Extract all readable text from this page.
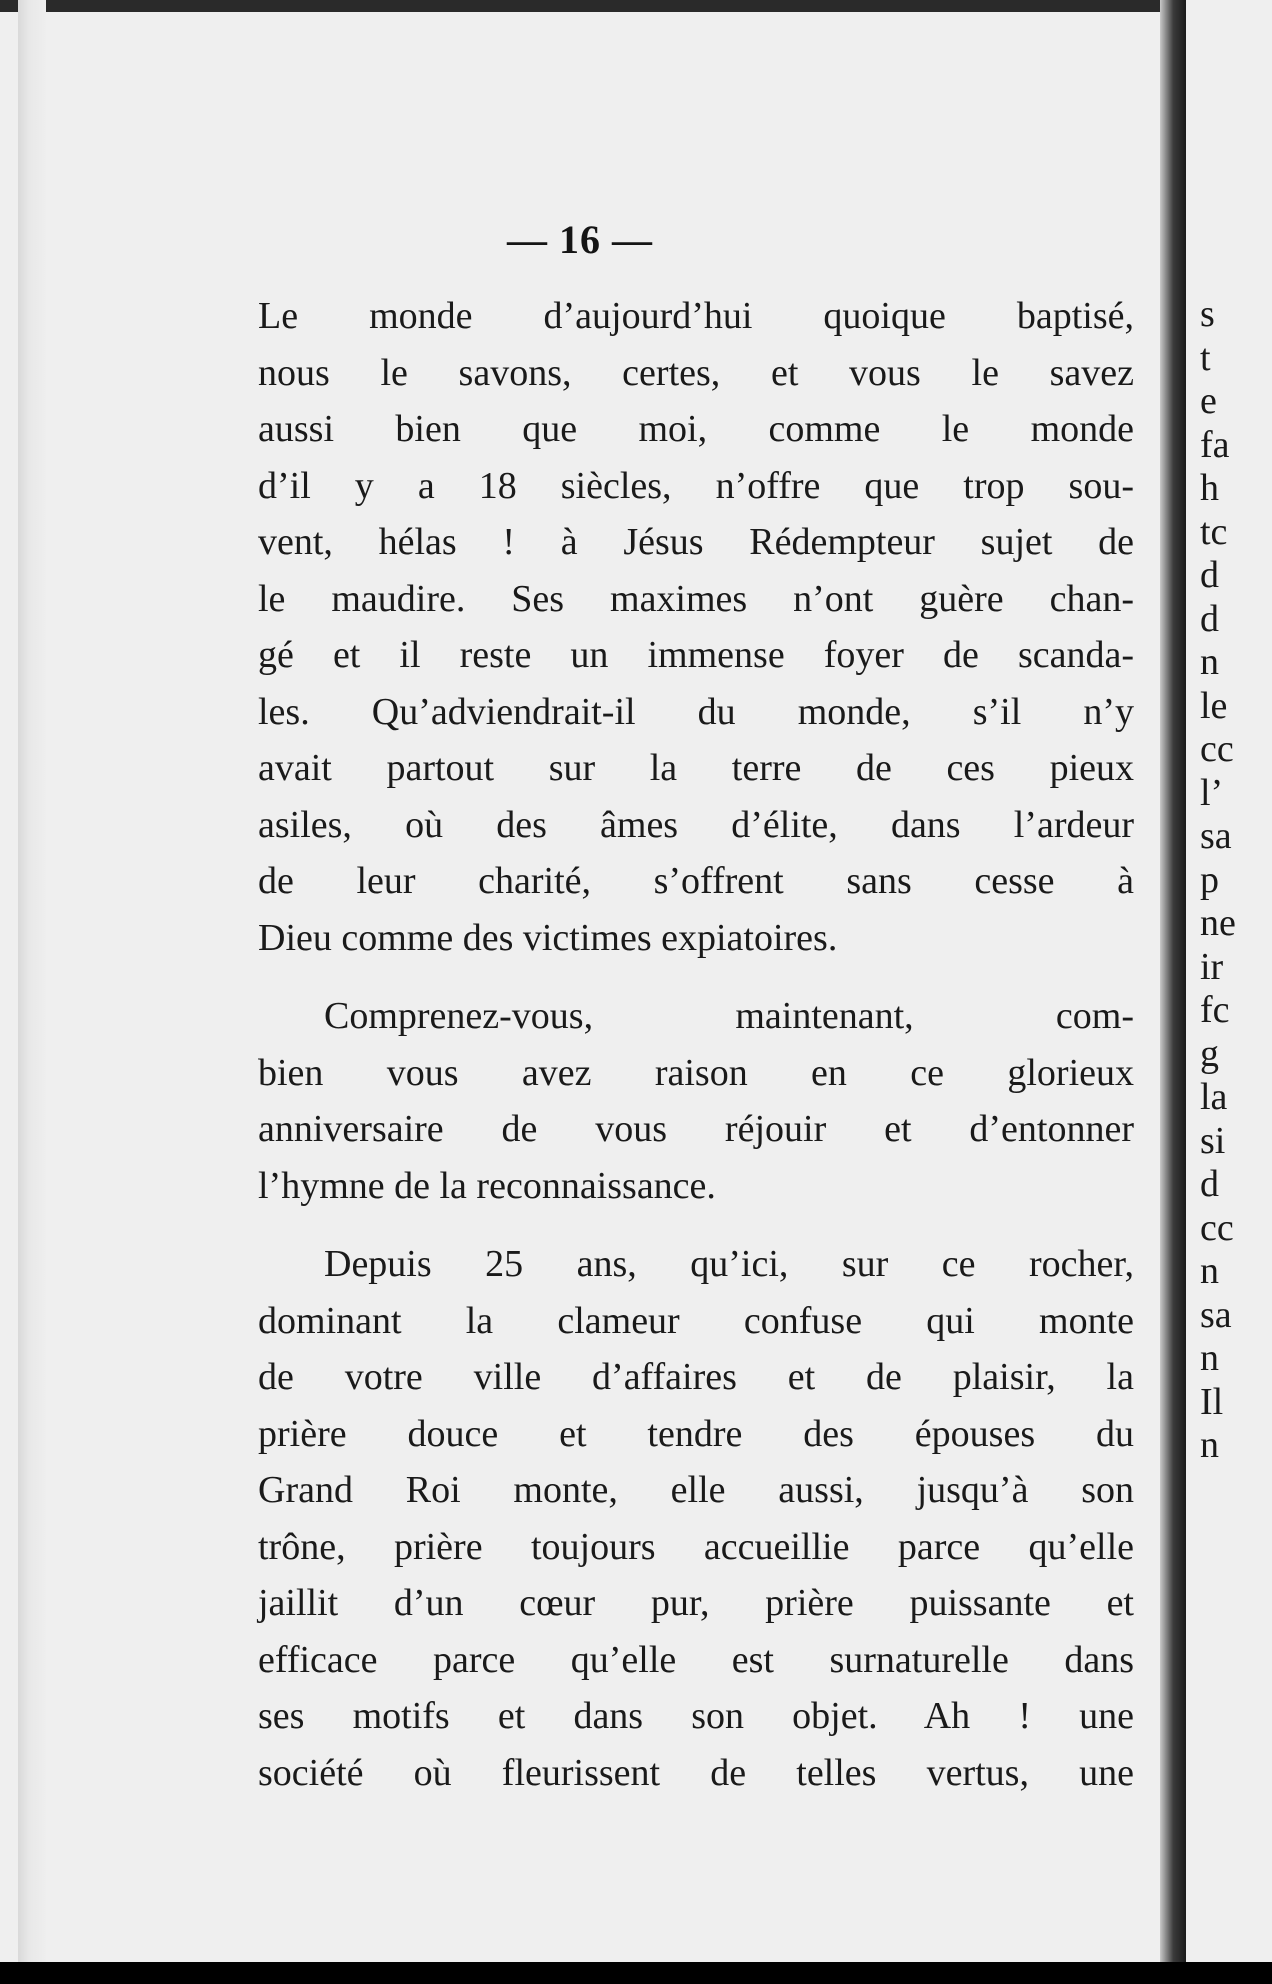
s
t
e
fa
h
tc
d
d
n
le
cc
l’
sa
p
ne
ir
fc
g
la
si
d
cc
n
sa
n
Il
n
— 16 —
Le monde d’aujourd’hui quoique baptisé,
nous le savons, certes, et vous le savez
aussi bien que moi, comme le monde
d’il y a 18 siècles, n’offre que trop sou-
vent, hélas ! à Jésus Rédempteur sujet de
le maudire. Ses maximes n’ont guère chan-
gé et il reste un immense foyer de scanda-
les. Qu’adviendrait-il du monde, s’il n’y
avait partout sur la terre de ces pieux
asiles, où des âmes d’élite, dans l’ardeur
de leur charité, s’offrent sans cesse à
Dieu comme des victimes expiatoires.
Comprenez-vous, maintenant, com-
bien vous avez raison en ce glorieux
anniversaire de vous réjouir et d’entonner
l’hymne de la reconnaissance.
Depuis 25 ans, qu’ici, sur ce rocher,
dominant la clameur confuse qui monte
de votre ville d’affaires et de plaisir, la
prière douce et tendre des épouses du
Grand Roi monte, elle aussi, jusqu’à son
trône, prière toujours accueillie parce qu’elle
jaillit d’un cœur pur, prière puissante et
efficace parce qu’elle est surnaturelle dans
ses motifs et dans son objet. Ah ! une
société où fleurissent de telles vertus, une
